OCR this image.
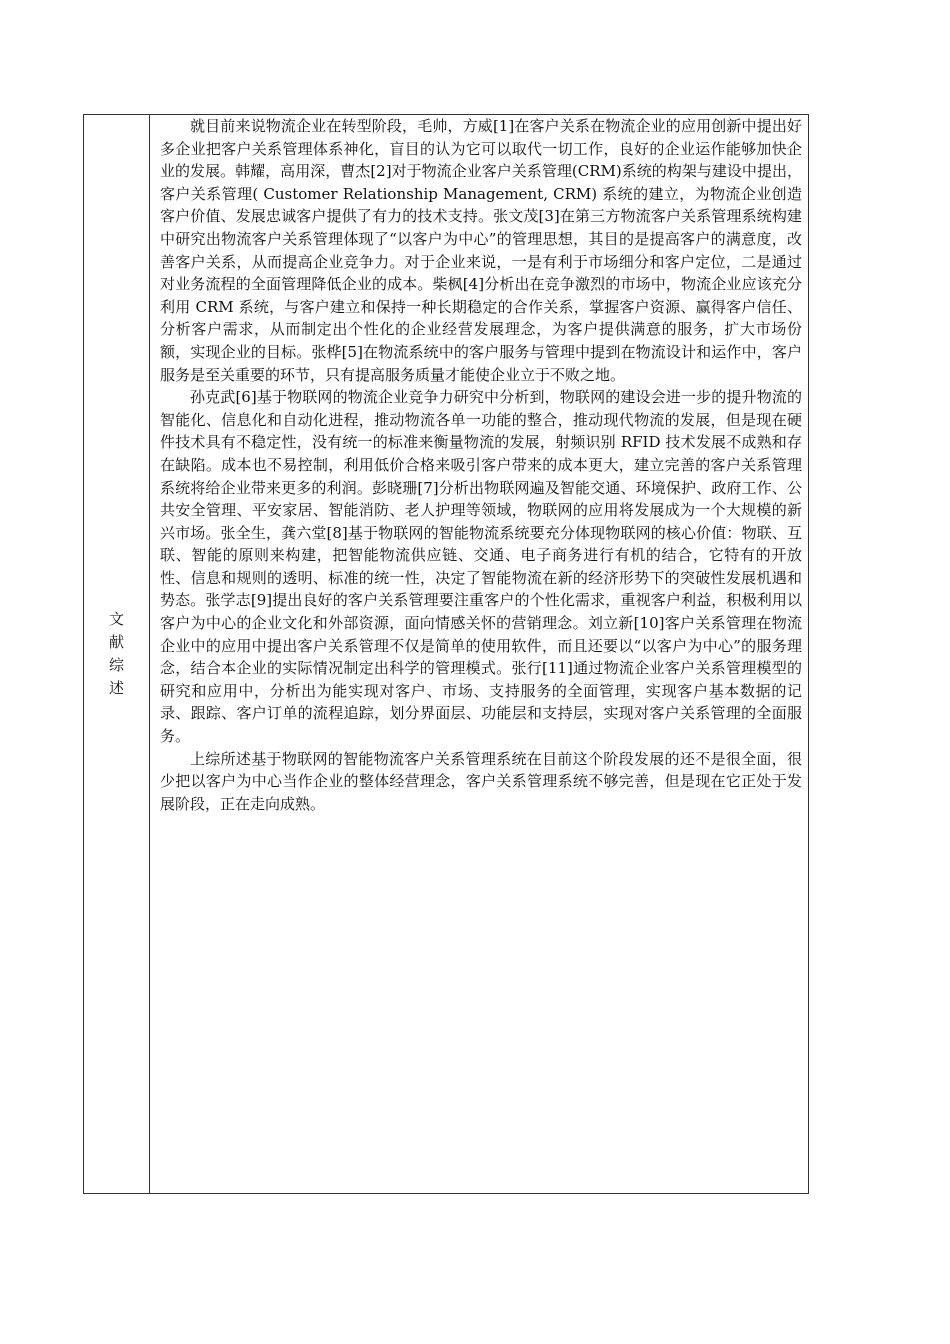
文献综述

就目前来说物流企业在转型阶段，毛帅，方威[1]在客户关系在物流企业的应用创新中提出好多企业把客户关系管理体系神化，盲目的认为它可以取代一切工作，良好的企业运作能够加快企业的发展。韩耀，高用深，曹杰[2]对于物流企业客户关系管理(CRM)系统的构架与建设中提出，客户关系管理( Customer Relationship Management, CRM) 系统的建立，为物流企业创造客户价值、发展忠诚客户提供了有力的技术支持。张文茂[3]在第三方物流客户关系管理系统构建中研究出物流客户关系管理体现了“以客户为中心”的管理思想，其目的是提高客户的满意度，改善客户关系，从而提高企业竞争力。对于企业来说，一是有利于市场细分和客户定位，二是通过对业务流程的全面管理降低企业的成本。柴枫[4]分析出在竞争激烈的市场中，物流企业应该充分利用 CRM 系统，与客户建立和保持一种长期稳定的合作关系，掌握客户资源、赢得客户信任、分析客户需求，从而制定出个性化的企业经营发展理念，为客户提供满意的服务，扩大市场份额，实现企业的目标。张桦[5]在物流系统中的客户服务与管理中提到在物流设计和运作中，客户服务是至关重要的环节，只有提高服务质量才能使企业立于不败之地。

孙克武[6]基于物联网的物流企业竞争力研究中分析到，物联网的建设会进一步的提升物流的智能化、信息化和自动化进程，推动物流各单一功能的整合，推动现代物流的发展，但是现在硬件技术具有不稳定性，没有统一的标准来衡量物流的发展，射频识别 RFID 技术发展不成熟和存在缺陷。成本也不易控制，利用低价合格来吸引客户带来的成本更大，建立完善的客户关系管理系统将给企业带来更多的利润。彭晓珊[7]分析出物联网遍及智能交通、环境保护、政府工作、公共安全管理、平安家居、智能消防、老人护理等领域，物联网的应用将发展成为一个大规模的新兴市场。张全生，龚六堂[8]基于物联网的智能物流系统要充分体现物联网的核心价值：物联、互联、智能的原则来构建，把智能物流供应链、交通、电子商务进行有机的结合，它特有的开放性、信息和规则的透明、标准的统一性，决定了智能物流在新的经济形势下的突破性发展机遇和势态。张学志[9]提出良好的客户关系管理要注重客户的个性化需求，重视客户利益，积极利用以客户为中心的企业文化和外部资源，面向情感关怀的营销理念。刘立新[10]客户关系管理在物流企业中的应用中提出客户关系管理不仅是简单的使用软件，而且还要以“以客户为中心”的服务理念，结合本企业的实际情况制定出科学的管理模式。张行[11]通过物流企业客户关系管理模型的研究和应用中，分析出为能实现对客户、市场、支持服务的全面管理，实现客户基本数据的记录、跟踪、客户订单的流程追踪，划分界面层、功能层和支持层，实现对客户关系管理的全面服务。

上综所述基于物联网的智能物流客户关系管理系统在目前这个阶段发展的还不是很全面，很少把以客户为中心当作企业的整体经营理念，客户关系管理系统不够完善，但是现在它正处于发展阶段，正在走向成熟。
